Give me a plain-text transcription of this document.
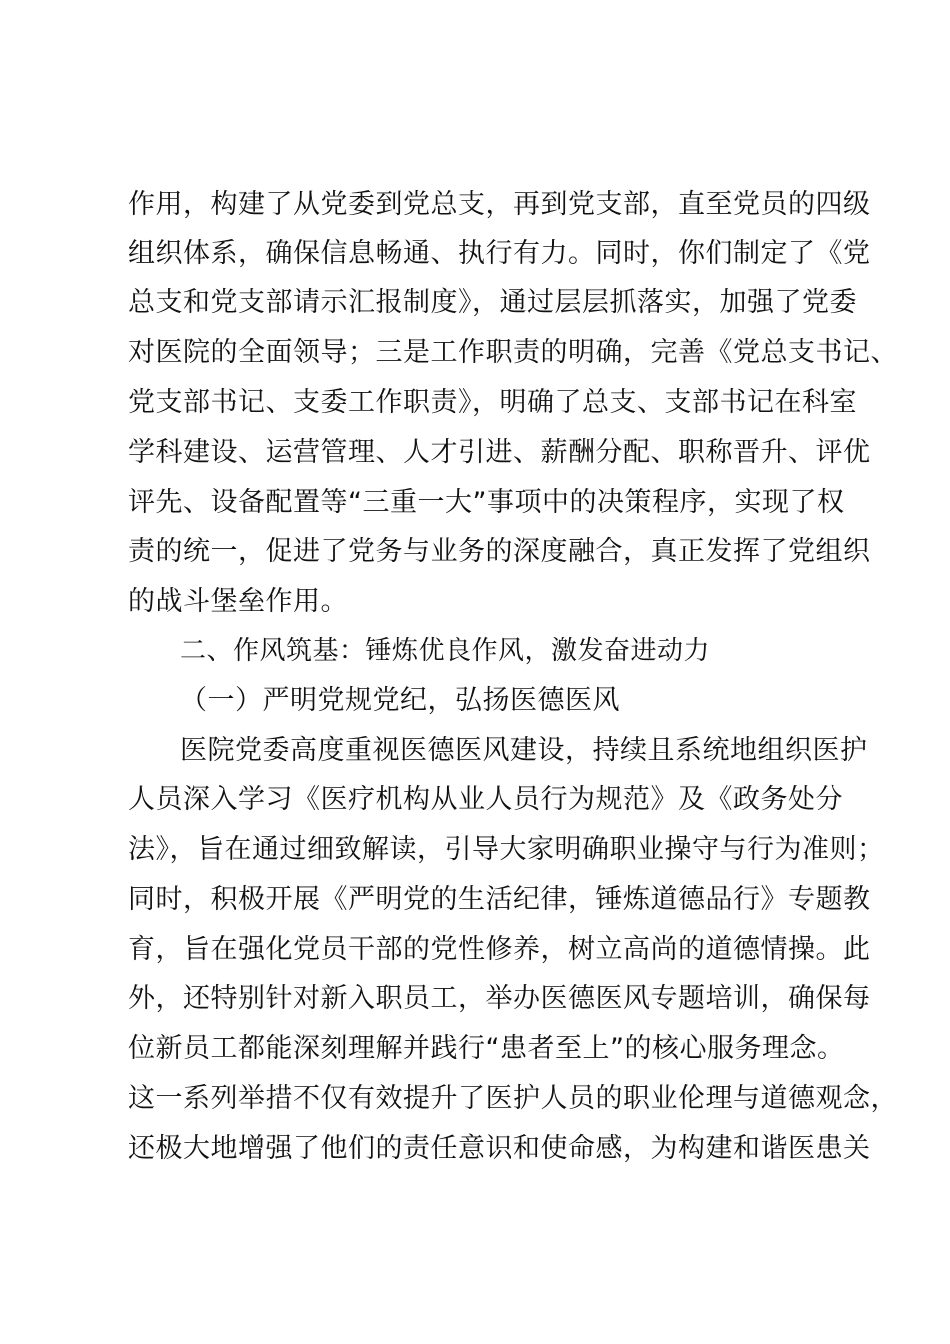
作用，构建了从党委到党总支，再到党支部，直至党员的四级
组织体系，确保信息畅通、执行有力。同时，你们制定了《党
总支和党支部请示汇报制度》，通过层层抓落实，加强了党委
对医院的全面领导；三是工作职责的明确，完善《党总支书记、
党支部书记、支委工作职责》，明确了总支、支部书记在科室
学科建设、运营管理、人才引进、薪酬分配、职称晋升、评优
评先、设备配置等“三重一大”事项中的决策程序，实现了权
责的统一，促进了党务与业务的深度融合，真正发挥了党组织
的战斗堡垒作用。
二、作风筑基：锤炼优良作风，激发奋进动力
（一）严明党规党纪，弘扬医德医风
医院党委高度重视医德医风建设，持续且系统地组织医护
人员深入学习《医疗机构从业人员行为规范》及《政务处分
法》，旨在通过细致解读，引导大家明确职业操守与行为准则；
同时，积极开展《严明党的生活纪律，锤炼道德品行》专题教
育，旨在强化党员干部的党性修养，树立高尚的道德情操。此
外，还特别针对新入职员工，举办医德医风专题培训，确保每
位新员工都能深刻理解并践行“患者至上”的核心服务理念。
这一系列举措不仅有效提升了医护人员的职业伦理与道德观念，
还极大地增强了他们的责任意识和使命感，为构建和谐医患关
